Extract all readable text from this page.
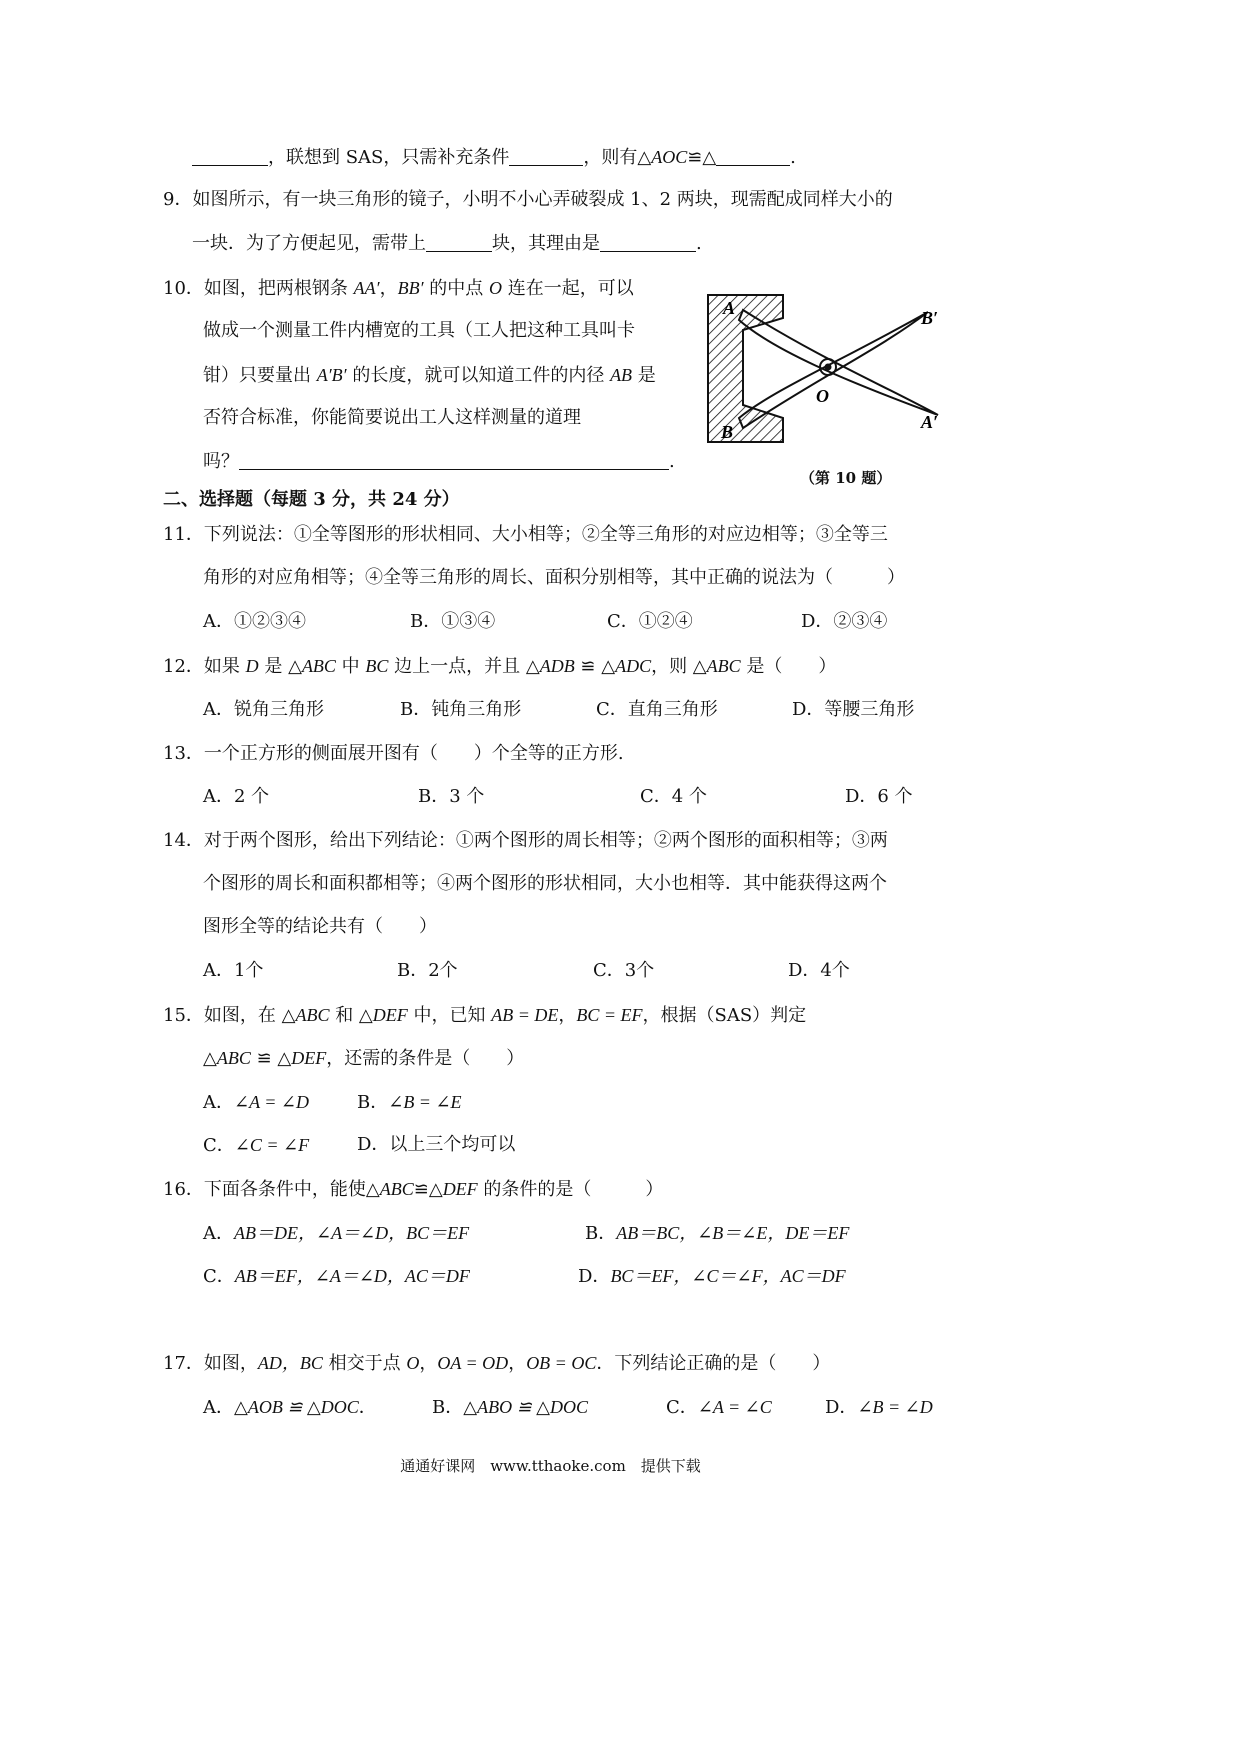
，联想到 SAS，只需补充条件	，则有△AOC≌△	.
9．如图所示，有一块三角形的镜子，小明不小心弄破裂成 1、2 两块，现需配成同样大小的
一块．为了方便起见，需带上	块，其理由是	.
10．如图，把两根钢条 AA′，BB′ 的中点 O 连在一起，可以
做成一个测量工件内槽宽的工具（工人把这种工具叫卡
钳）只要量出 A′B′ 的长度，就可以知道工件的内径 AB 是
否符合标准，你能简要说出工人这样测量的道理
吗？	.
A
B
B′
A′
O
（第 10 题）
二、选择题（每题 3 分，共 24 分）
11．下列说法：①全等图形的形状相同、大小相等；②全等三角形的对应边相等；③全等三
角形的对应角相等；④全等三角形的周长、面积分别相等，其中正确的说法为（　　　）
A．①②③④	B．①③④	C．①②④	D．②③④
12．如果 D 是 △ABC 中 BC 边上一点，并且 △ADB ≌ △ADC，则 △ABC 是（　　）
A．锐角三角形	B．钝角三角形	C．直角三角形	D．等腰三角形
13．一个正方形的侧面展开图有（　　）个全等的正方形.
A．2 个	B．3 个	C．4 个	D．6 个
14．对于两个图形，给出下列结论：①两个图形的周长相等；②两个图形的面积相等；③两
个图形的周长和面积都相等；④两个图形的形状相同，大小也相等．其中能获得这两个
图形全等的结论共有（　　）
A．1个	B．2个	C．3个	D．4个
15．如图，在 △ABC 和 △DEF 中，已知 AB = DE，BC = EF，根据（SAS）判定
△ABC ≌ △DEF，还需的条件是（　　）
A．∠A = ∠D	B．∠B = ∠E
C．∠C = ∠F	D．以上三个均可以
16．下面各条件中，能使△ABC≌△DEF 的条件的是（　　　）
A．AB＝DE，∠A＝∠D，BC＝EF	B．AB＝BC，∠B＝∠E，DE＝EF
C．AB＝EF，∠A＝∠D，AC＝DF	D．BC＝EF，∠C＝∠F，AC＝DF
17．如图，AD，BC 相交于点 O，OA = OD，OB = OC．下列结论正确的是（　　）
A．△AOB ≌ △DOC．	B．△ABO ≌ △DOC	C．∠A = ∠C	D．∠B = ∠D
通通好课网　www.tthaoke.com　提供下载
